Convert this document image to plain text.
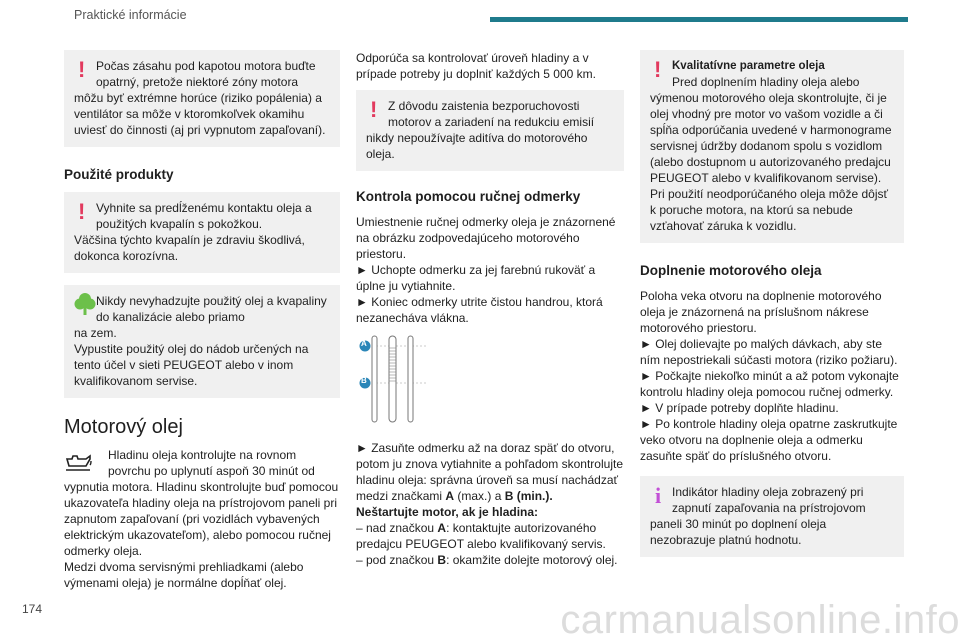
Praktické informácie
! Počas zásahu pod kapotou motora buďte opatrný, pretože niektoré zóny motora
môžu byť extrémne horúce (riziko popálenia) a ventilátor sa môže v ktoromkoľvek okamihu uviesť do činnosti (aj pri vypnutom zapaľovaní).
Použité produkty
! Vyhnite sa predĺženému kontaktu oleja a použitých kvapalín s pokožkou.
Väčšina týchto kvapalín je zdraviu škodlivá, dokonca korozívna.
Nikdy nevyhadzujte použitý olej a kvapaliny do kanalizácie alebo priamo
na zem.
Vypustite použitý olej do nádob určených na tento účel v sieti PEUGEOT alebo v inom kvalifikovanom servise.
Motorový olej
Hladinu oleja kontrolujte na rovnom povrchu po uplynutí aspoň 30 minút od
vypnutia motora. Hladinu skontrolujte buď pomocou ukazovateľa hladiny oleja na prístrojovom paneli pri zapnutom zapaľovaní (pri vozidlách vybavených elektrickým ukazovateľom), alebo pomocou ručnej odmerky oleja.
Medzi dvoma servisnými prehliadkami (alebo výmenami oleja) je normálne dopĺňať olej.
Odporúča sa kontrolovať úroveň hladiny a v prípade potreby ju doplniť každých 5 000 km.
! Z dôvodu zaistenia bezporuchovosti motorov a zariadení na redukciu emisií
nikdy nepoužívajte aditíva do motorového oleja.
Kontrola pomocou ručnej odmerky
Umiestnenie ručnej odmerky oleja je znázornené na obrázku zodpovedajúceho motorového priestoru.
► Uchopte odmerku za jej farebnú rukoväť a úplne ju vytiahnite.
► Koniec odmerky utrite čistou handrou, ktorá nezanecháva vlákna.
A
B
► Zasuňte odmerku až na doraz späť do otvoru, potom ju znova vytiahnite a pohľadom skontrolujte hladinu oleja: správna úroveň sa musí nachádzať medzi značkami A (max.) a B (min.).
Neštartujte motor, ak je hladina:
– nad značkou A: kontaktujte autorizovaného predajcu PEUGEOT alebo kvalifikovaný servis.
– pod značkou B: okamžite dolejte motorový olej.
! Kvalitatívne parametre oleja
Pred doplnením hladiny oleja alebo
výmenou motorového oleja skontrolujte, či je olej vhodný pre motor vo vašom vozidle a či spĺňa odporúčania uvedené v harmonograme servisnej údržby dodanom spolu s vozidlom (alebo dostupnom u autorizovaného predajcu PEUGEOT alebo v kvalifikovanom servise). Pri použití neodporúčaného oleja môže dôjsť k poruche motora, na ktorú sa nebude vzťahovať záruka k vozidlu.
Doplnenie motorového oleja
Poloha veka otvoru na doplnenie motorového oleja je znázornená na príslušnom nákrese motorového priestoru.
► Olej dolievajte po malých dávkach, aby ste ním nepostriekali súčasti motora (riziko požiaru).
► Počkajte niekoľko minút a až potom vykonajte kontrolu hladiny oleja pomocou ručnej odmerky.
► V prípade potreby doplňte hladinu.
► Po kontrole hladiny oleja opatrne zaskrutkujte veko otvoru na doplnenie oleja a odmerku zasuňte späť do príslušného otvoru.
i Indikátor hladiny oleja zobrazený pri zapnutí zapaľovania na prístrojovom
paneli 30 minút po doplnení oleja nezobrazuje platnú hodnotu.
174	carmanualsonline.info
